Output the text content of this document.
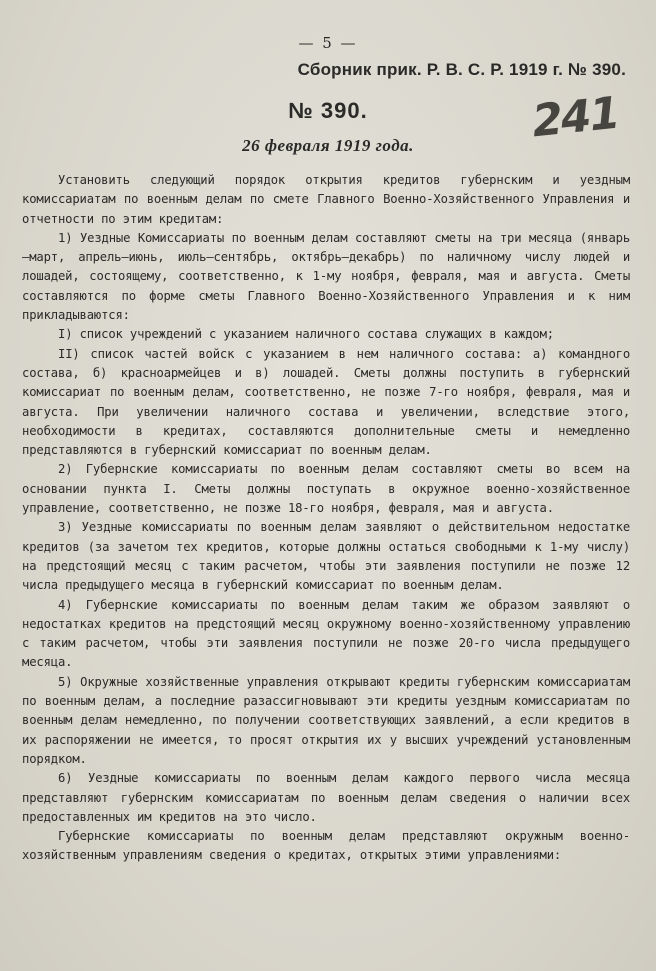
— 5 —
Сборник прик. Р. В. С. Р. 1919 г. № 390.
241
№ 390.
26 февраля 1919 года.

Установить следующий порядок открытия кредитов губернским и уездным комиссариатам по военным делам по смете Главного Военно-Хозяйственного Управления и отчетности по этим кредитам:

1) Уездные Комиссариаты по военным делам составляют сметы на три месяца (январь—март, апрель—июнь, июль—сентябрь, октябрь—декабрь) по наличному числу людей и лошадей, состоящему, соответственно, к 1-му ноября, февраля, мая и августа. Сметы составляются по форме сметы Главного Военно-Хозяйственного Управления и к ним прикладываются:

I) список учреждений с указанием наличного состава служащих в каждом;

II) список частей войск с указанием в нем наличного состава: а) командного состава, б) красноармейцев и в) лошадей. Сметы должны поступить в губернский комиссариат по военным делам, соответственно, не позже 7-го ноября, февраля, мая и августа. При увеличении наличного состава и увеличении, вследствие этого, необходимости в кредитах, составляются дополнительные сметы и немедленно представляются в губернский комиссариат по военным делам.

2) Губернские комиссариаты по военным делам составляют сметы во всем на основании пункта I. Сметы должны поступать в окружное военно-хозяйственное управление, соответственно, не позже 18-го ноября, февраля, мая и августа.

3) Уездные комиссариаты по военным делам заявляют о действительном недостатке кредитов (за зачетом тех кредитов, которые должны остаться свободными к 1-му числу) на предстоящий месяц с таким расчетом, чтобы эти заявления поступили не позже 12 числа предыдущего месяца в губернский комиссариат по военным делам.

4) Губернские комиссариаты по военным делам таким же образом заявляют о недостатках кредитов на предстоящий месяц окружному военно-хозяйственному управлению с таким расчетом, чтобы эти заявления поступили не позже 20-го числа предыдущего месяца.

5) Окружные хозяйственные управления открывают кредиты губернским комиссариатам по военным делам, а последние разассигновывают эти кредиты уездным комиссариатам по военным делам немедленно, по получении соответствующих заявлений, а если кредитов в их распоряжении не имеется, то просят открытия их у высших учреждений установленным порядком.

6) Уездные комиссариаты по военным делам каждого первого числа месяца представляют губернским комиссариатам по военным делам сведения о наличии всех предоставленных им кредитов на это число.

Губернские комиссариаты по военным делам представляют окружным военно-хозяйственным управлениям сведения о кредитах, открытых этими управлениями:
